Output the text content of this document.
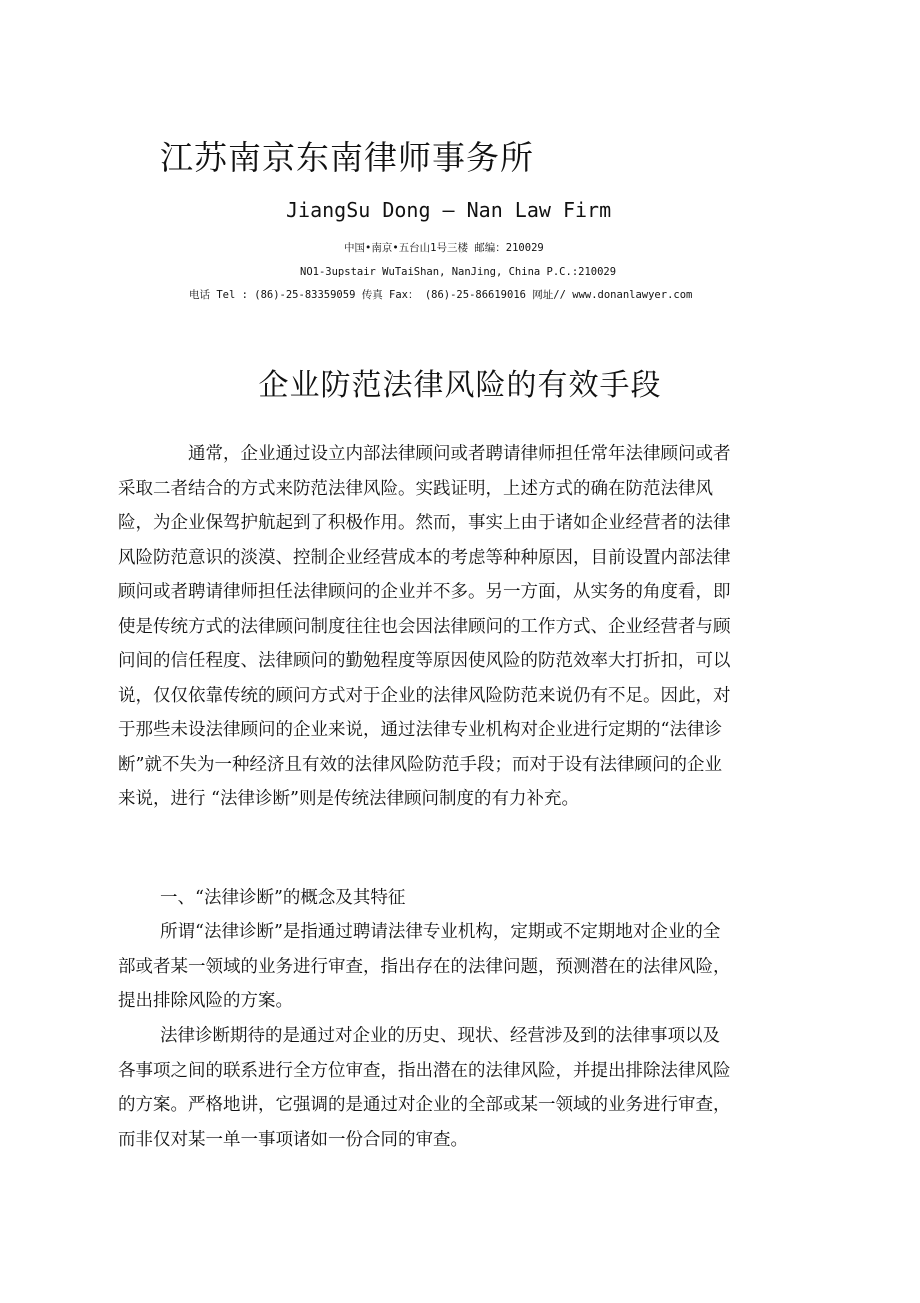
江苏南京东南律师事务所
JiangSu Dong — Nan Law Firm
中国•南京•五台山1号三楼 邮编：210029
NO1-3upstair WuTaiShan, NanJing, China P.C.:210029
电话 Tel : (86)-25-83359059 传真 Fax： (86)-25-86619016 网址// www.donanlawyer.com
企业防范法律风险的有效手段

通常，企业通过设立内部法律顾问或者聘请律师担任常年法律顾问或者采取二者结合的方式来防范法律风险。实践证明，上述方式的确在防范法律风险，为企业保驾护航起到了积极作用。然而，事实上由于诸如企业经营者的法律风险防范意识的淡漠、控制企业经营成本的考虑等种种原因，目前设置内部法律顾问或者聘请律师担任法律顾问的企业并不多。另一方面，从实务的角度看，即使是传统方式的法律顾问制度往往也会因法律顾问的工作方式、企业经营者与顾问间的信任程度、法律顾问的勤勉程度等原因使风险的防范效率大打折扣，可以说，仅仅依靠传统的顾问方式对于企业的法律风险防范来说仍有不足。因此，对于那些未设法律顾问的企业来说，通过法律专业机构对企业进行定期的“法律诊断”就不失为一种经济且有效的法律风险防范手段；而对于设有法律顾问的企业来说，进行 “法律诊断”则是传统法律顾问制度的有力补充。

一、“法律诊断”的概念及其特征

所谓“法律诊断”是指通过聘请法律专业机构，定期或不定期地对企业的全部或者某一领域的业务进行审查，指出存在的法律问题，预测潜在的法律风险，提出排除风险的方案。

法律诊断期待的是通过对企业的历史、现状、经营涉及到的法律事项以及各事项之间的联系进行全方位审查，指出潜在的法律风险，并提出排除法律风险的方案。严格地讲，它强调的是通过对企业的全部或某一领域的业务进行审查，而非仅对某一单一事项诸如一份合同的审查。
